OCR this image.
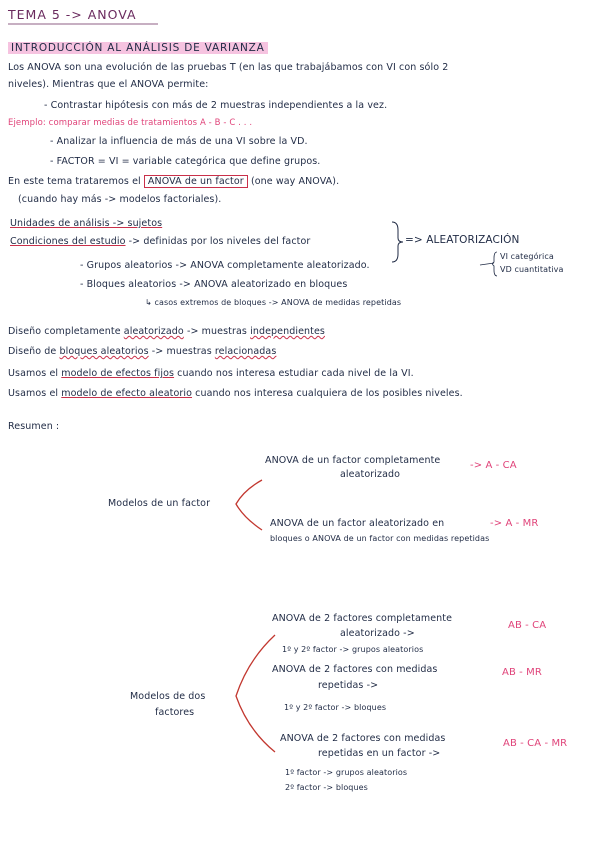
TEMA 5 -> ANOVA
INTRODUCCIÓN AL ANÁLISIS DE VARIANZA
Los ANOVA son una evolución de las pruebas T (en las que trabajábamos con VI con sólo 2
niveles). Mientras que el ANOVA permite:
- Contrastar hipótesis con más de 2 muestras independientes a la vez.
Ejemplo: comparar medias de tratamientos A - B - C . . .
- Analizar la influencia de más de una VI sobre la VD.
- FACTOR = VI = variable categórica que define grupos.
En este tema trataremos el ANOVA de un factor (one way ANOVA).
(cuando hay más -> modelos factoriales).
Unidades de análisis -> sujetos
Condiciones del estudio -> definidas por los niveles del factor	=> ALEATORIZACIÓN
- Grupos aleatorios -> ANOVA completamente aleatorizado.
VI categórica
VD cuantitativa
- Bloques aleatorios -> ANOVA aleatorizado en bloques
↳ casos extremos de bloques -> ANOVA de medidas repetidas
Diseño completamente aleatorizado -> muestras independientes
Diseño de bloques aleatorios -> muestras relacionadas
Usamos el modelo de efectos fijos cuando nos interesa estudiar cada nivel de la VI.
Usamos el modelo de efecto aleatorio cuando nos interesa cualquiera de los posibles niveles.
Resumen :
Modelos de un factor
ANOVA de un factor completamente
aleatorizado
-> A - CA
ANOVA de un factor aleatorizado en
bloques o ANOVA de un factor con medidas repetidas
-> A - MR
Modelos de dos
factores
ANOVA de 2 factores completamente
aleatorizado ->
1º y 2º factor -> grupos aleatorios
AB - CA
ANOVA de 2 factores con medidas
repetidas ->
1º y 2º factor -> bloques
AB - MR
ANOVA de 2 factores con medidas
repetidas en un factor ->
1º factor -> grupos aleatorios
2º factor -> bloques
AB - CA - MR
